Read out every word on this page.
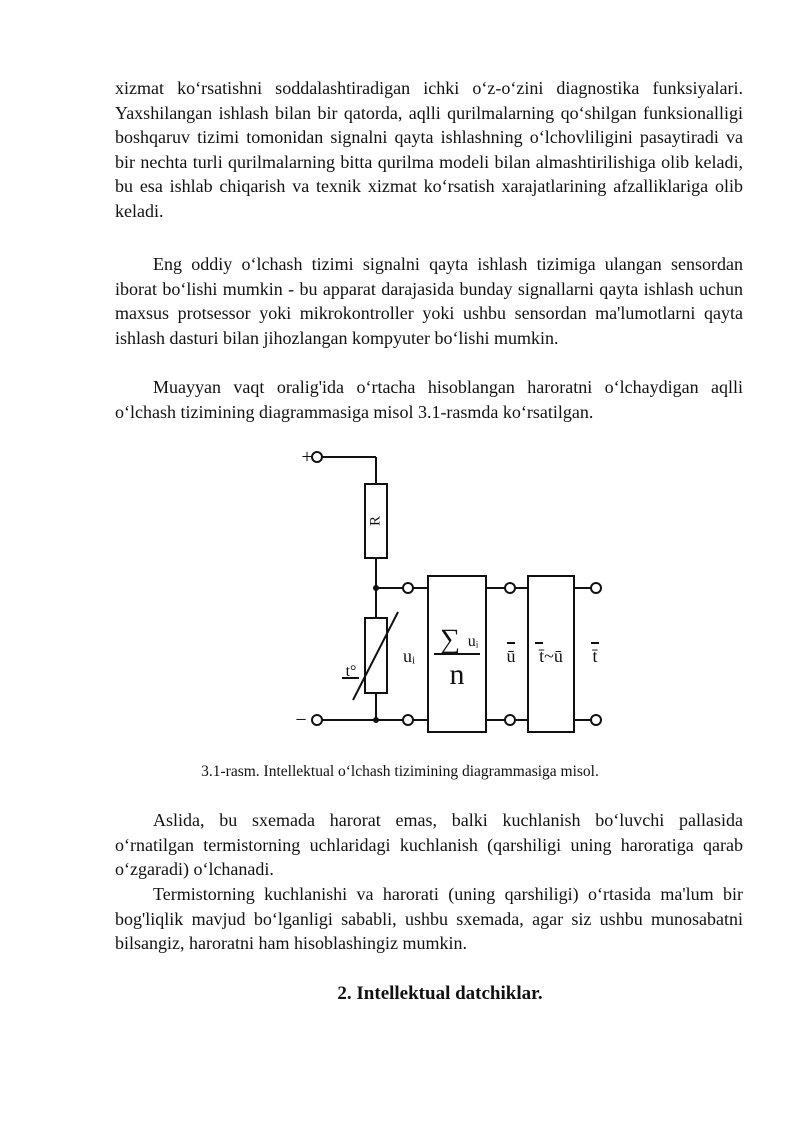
xizmat koʻrsatishni soddalashtiradigan ichki oʻz-oʻzini diagnostika funksiyalari. Yaxshilangan ishlash bilan bir qatorda, aqlli qurilmalarning qoʻshilgan funksionalligi boshqaruv tizimi tomonidan signalni qayta ishlashning oʻlchovliligini pasaytiradi va bir nechta turli qurilmalarning bitta qurilma modeli bilan almashtirilishiga olib keladi, bu esa ishlab chiqarish va texnik xizmat koʻrsatish xarajatlarining afzalliklariga olib keladi.

Eng oddiy oʻlchash tizimi signalni qayta ishlash tizimiga ulangan sensordan iborat boʻlishi mumkin - bu apparat darajasida bunday signallarni qayta ishlash uchun maxsus protsessor yoki mikrokontroller yoki ushbu sensordan ma'lumotlarni qayta ishlash dasturi bilan jihozlangan kompyuter boʻlishi mumkin.

Muayyan vaqt oralig'ida oʻrtacha hisoblangan haroratni oʻlchaydigan aqlli oʻlchash tizimining diagrammasiga misol 3.1-rasmda koʻrsatilgan.

+
−
R
t°
uᵢ
∑ uᵢ
n
ū t̄~ū t̄

3.1-rasm. Intellektual oʻlchash tizimining diagrammasiga misol.

Aslida, bu sxemada harorat emas, balki kuchlanish boʻluvchi pallasida oʻrnatilgan termistorning uchlaridagi kuchlanish (qarshiligi uning haroratiga qarab oʻzgaradi) oʻlchanadi.

Termistorning kuchlanishi va harorati (uning qarshiligi) oʻrtasida ma'lum bir bog'liqlik mavjud boʻlganligi sababli, ushbu sxemada, agar siz ushbu munosabatni bilsangiz, haroratni ham hisoblashingiz mumkin.

2. Intellektual datchiklar.
